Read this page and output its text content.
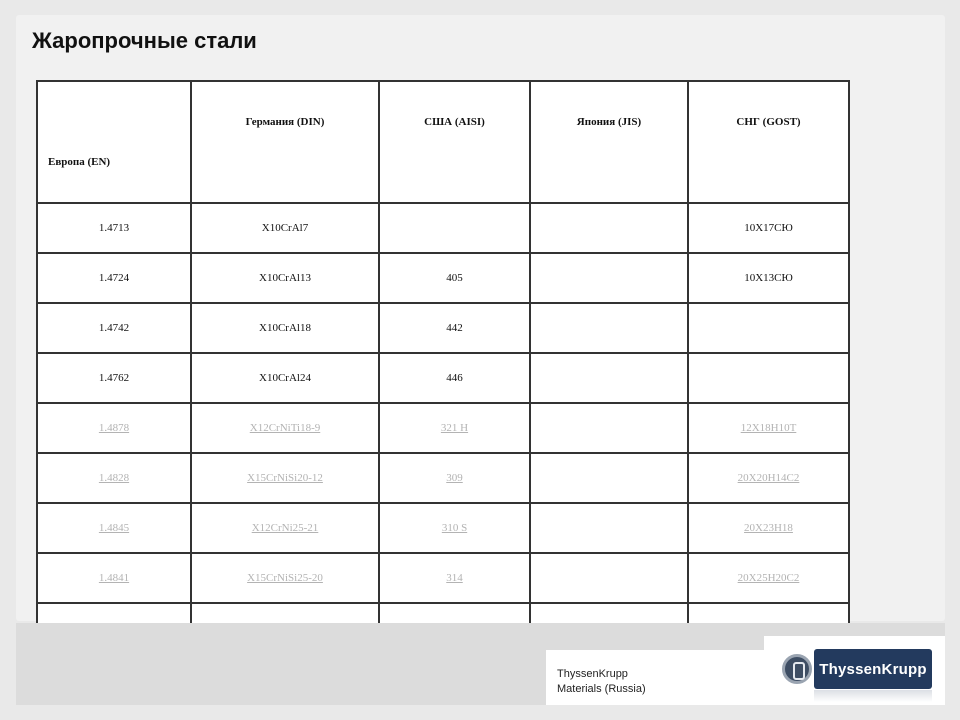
Жаропрочные стали
Европа (EN)	Германия (DIN)	США (AISI)	Япония (JIS)	СНГ (GOST)
1.4713	X10CrAl7			10Х17СЮ
1.4724	X10CrAl13	405		10Х13СЮ
1.4742	X10CrAl18	442		
1.4762	X10CrAl24	446		
1.4878	X12CrNiTi18-9	321 H		12Х18Н10Т
1.4828	X15CrNiSi20-12	309		20Х20Н14С2
1.4845	X12CrNi25-21	310 S		20Х23Н18
1.4841	X15CrNiSi25-20	314		20Х25Н20С2

ThyssenKrupp
Materials (Russia)
ThyssenKrupp
